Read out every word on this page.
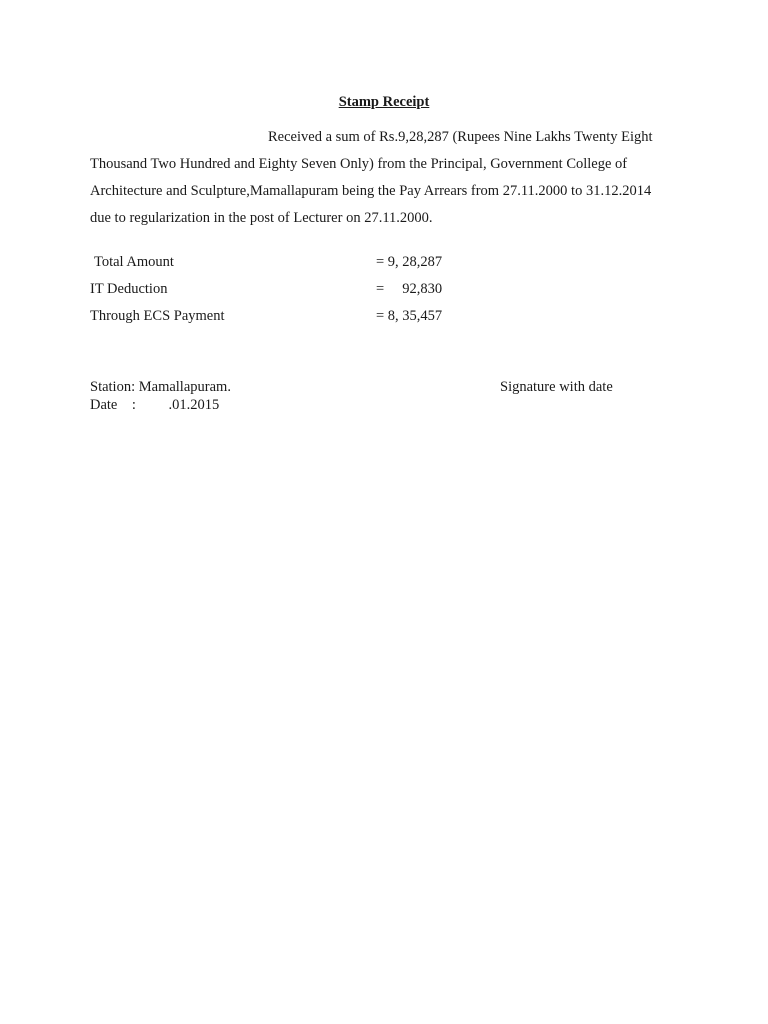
Stamp Receipt
Received a sum of Rs.9,28,287 (Rupees Nine Lakhs Twenty Eight
Thousand Two Hundred and Eighty Seven Only) from the Principal, Government College of
Architecture and Sculpture,Mamallapuram being the Pay Arrears from 27.11.2000 to 31.12.2014
due to regularization in the post of Lecturer on 27.11.2000.
Total Amount	= 9, 28,287
IT Deduction	=     92,830
Through ECS Payment	= 8, 35,457
Station: Mamallapuram.
Date    :         .01.2015
Signature with date
